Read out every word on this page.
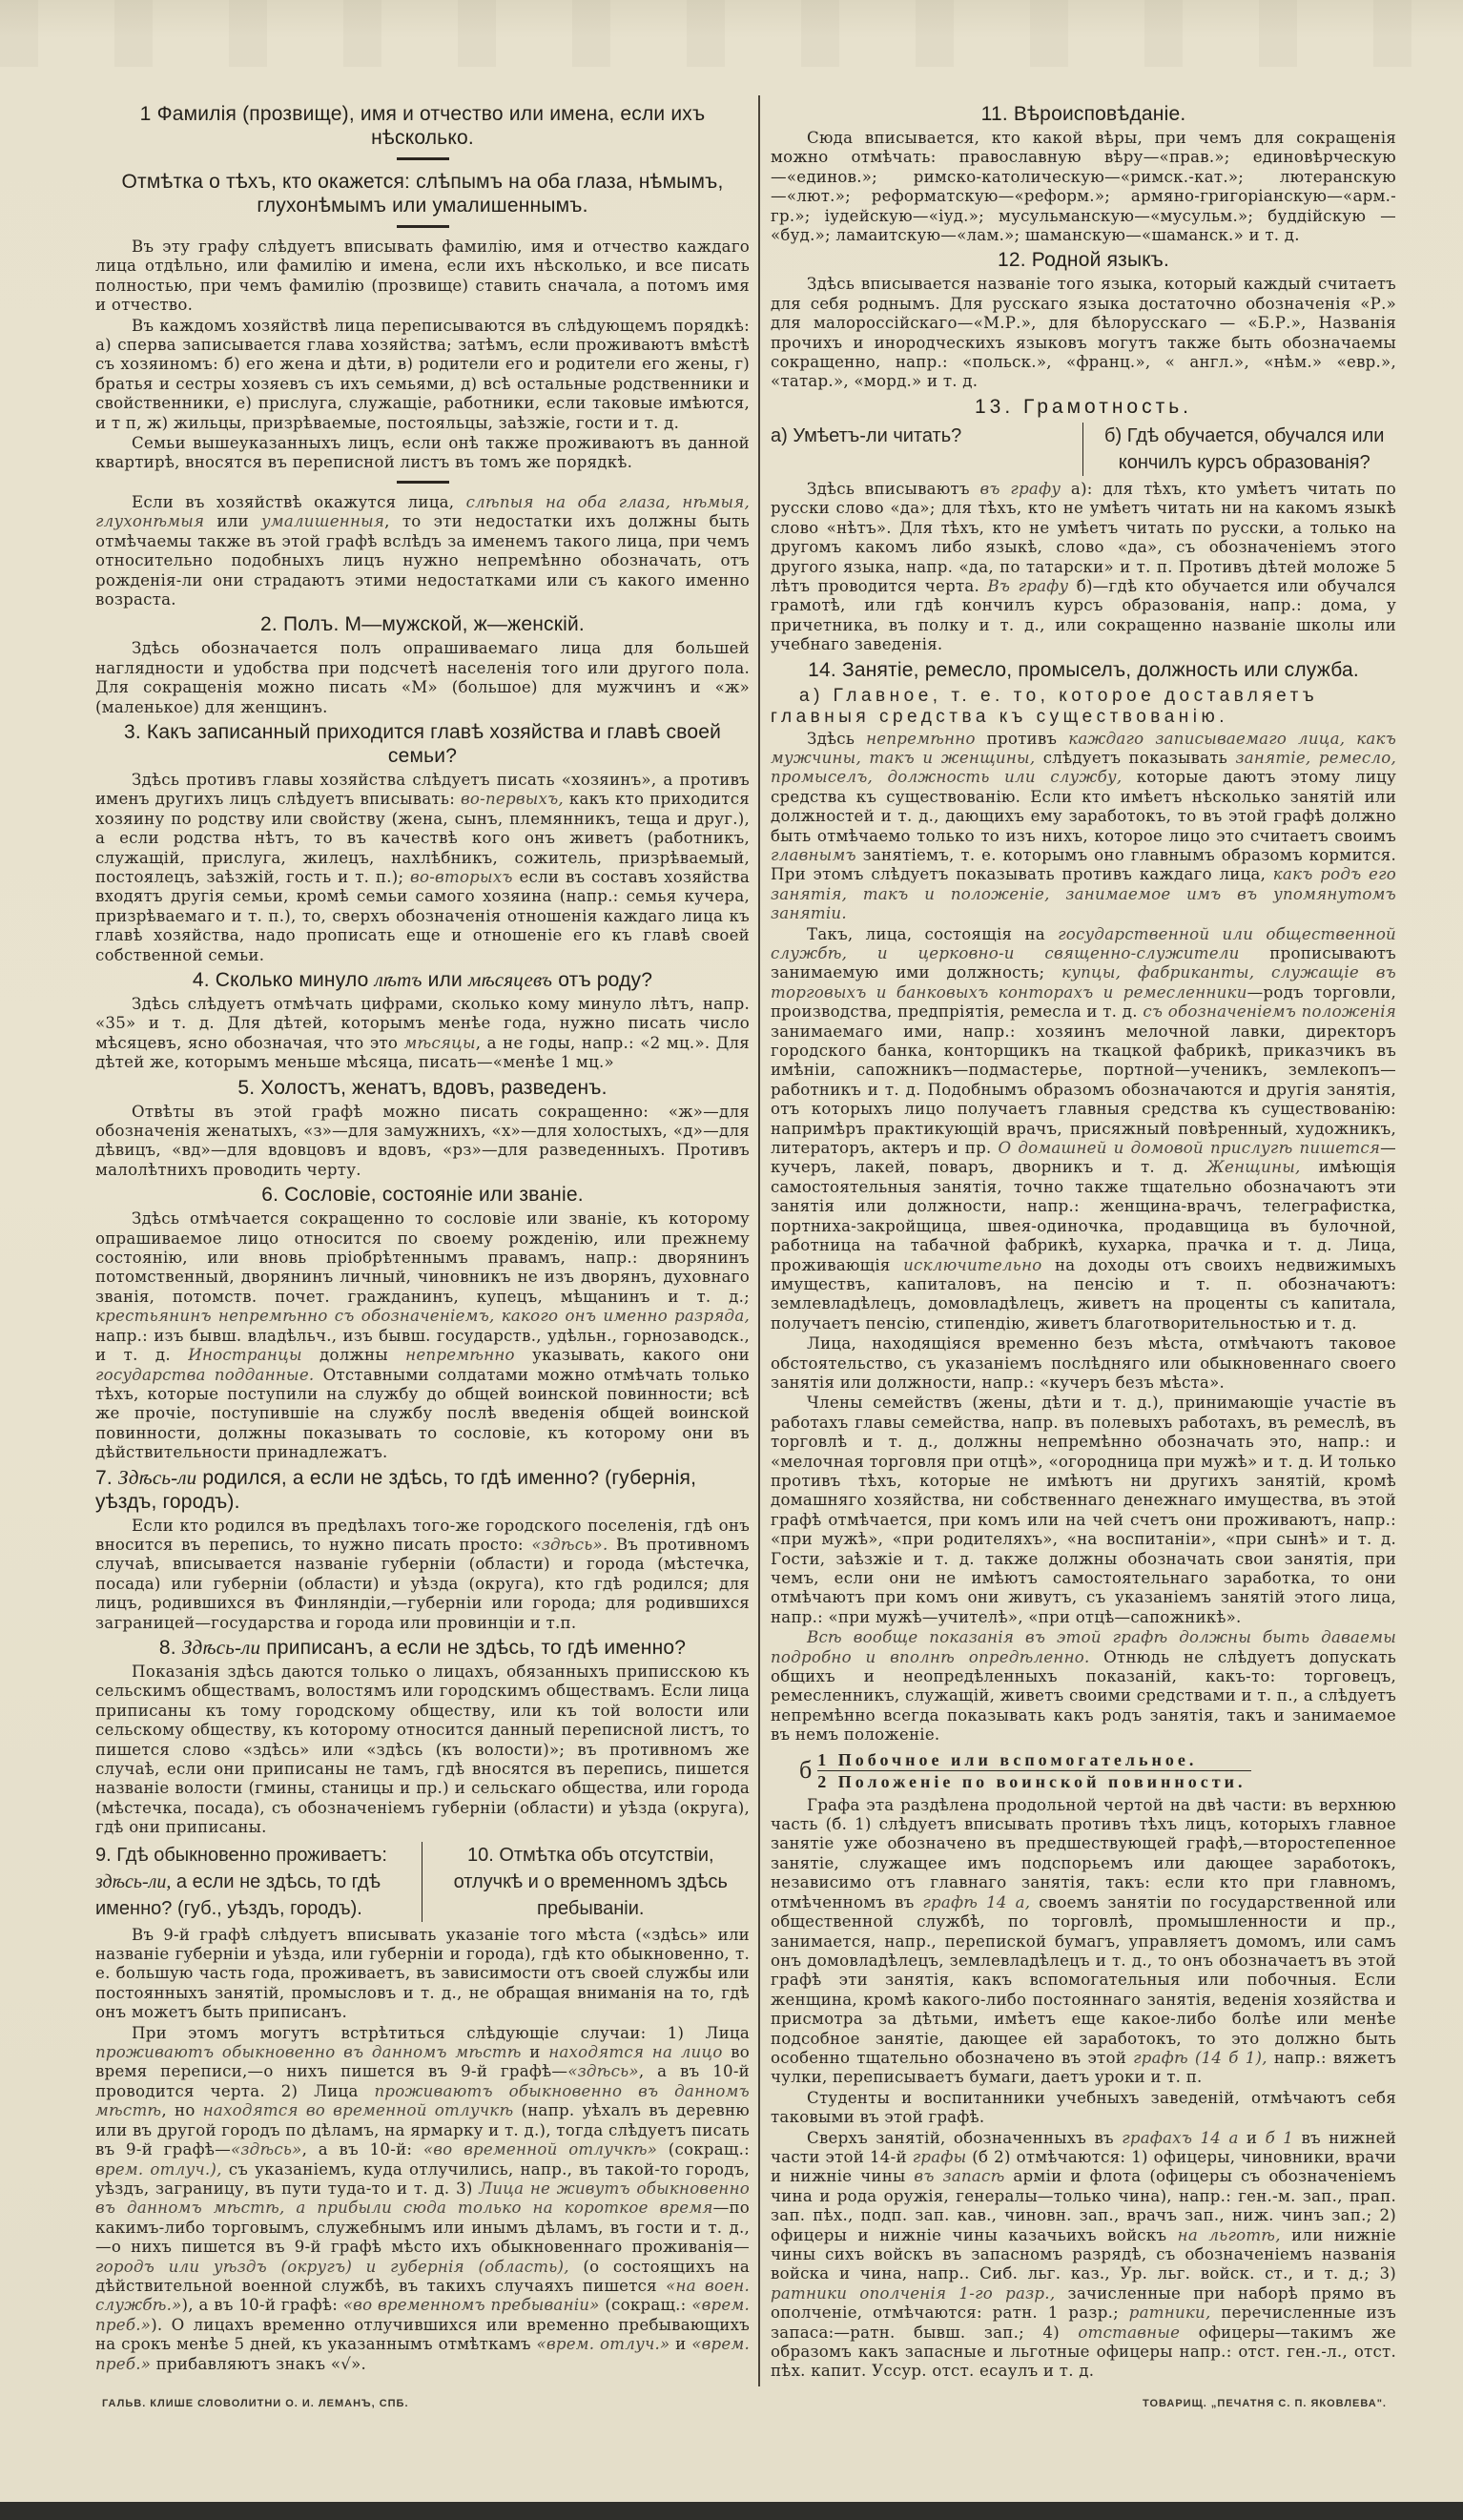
1 Фамилія (прозвище), имя и отчество или имена, если ихъ нѣсколько.
Отмѣтка о тѣхъ, кто окажется: слѣпымъ на оба глаза, нѣмымъ, глухонѣмымъ или умалишеннымъ.

Въ эту графу слѣдуетъ вписывать фамилію, имя и отчество каждаго лица отдѣльно, или фамилію и имена, если ихъ нѣсколько, и все писать полностью, при чемъ фамилію (прозвище) ставить сначала, а потомъ имя и отчество.

Въ каждомъ хозяйствѣ лица переписываются въ слѣдующемъ порядкѣ: а) сперва записывается глава хозяйства; затѣмъ, если проживаютъ вмѣстѣ съ хозяиномъ: б) его жена и дѣти, в) родители его и родители его жены, г) братья и сестры хозяевъ съ ихъ семьями, д) всѣ остальные родственники и свойственники, е) прислуга, служащіе, работники, если таковые имѣются, и т п, ж) жильцы, призрѣваемые, постояльцы, заѣзжіе, гости и т. д.

Семьи вышеуказанныхъ лицъ, если онѣ также проживаютъ въ данной квартирѣ, вносятся въ переписной листъ въ томъ же порядкѣ.

Если въ хозяйствѣ окажутся лица, слѣпыя на оба глаза, нѣмыя, глухонѣмыя или умалишенныя, то эти недостатки ихъ должны быть отмѣчаемы также въ этой графѣ вслѣдъ за именемъ такого лица, при чемъ относительно подобныхъ лицъ нужно непремѣнно обозначать, отъ рожденія-ли они страдаютъ этими недостатками или съ какого именно возраста.

2. Полъ. М—мужской, ж—женскій.

Здѣсь обозначается полъ опрашиваемаго лица для большей наглядности и удобства при подсчетѣ населенія того или другого пола. Для сокращенія можно писать «М» (большое) для мужчинъ и «ж» (маленькое) для женщинъ.

3. Какъ записанный приходится главѣ хозяйства и главѣ своей семьи?

Здѣсь противъ главы хозяйства слѣдуетъ писать «хозяинъ», а противъ именъ другихъ лицъ слѣдуетъ вписывать: во-первыхъ, какъ кто приходится хозяину по родству или свойству (жена, сынъ, племянникъ, теща и друг.), а если родства нѣтъ, то въ качествѣ кого онъ живетъ (работникъ, служащій, прислуга, жилецъ, нахлѣбникъ, сожитель, призрѣваемый, постоялецъ, заѣзжій, гость и т. п.); во-вторыхъ если въ составъ хозяйства входятъ другія семьи, кромѣ семьи самого хозяина (напр.: семья кучера, призрѣваемаго и т. п.), то, сверхъ обозначенія отношенія каждаго лица къ главѣ хозяйства, надо прописать еще и отношеніе его къ главѣ своей собственной семьи.

4. Сколько минуло лѣтъ или мѣсяцевъ отъ роду?

Здѣсь слѣдуетъ отмѣчать цифрами, сколько кому минуло лѣтъ, напр. «35» и т. д. Для дѣтей, которымъ менѣе года, нужно писать число мѣсяцевъ, ясно обозначая, что это мѣсяцы, а не годы, напр.: «2 мц.». Для дѣтей же, которымъ меньше мѣсяца, писать—«менѣе 1 мц.»

5. Холостъ, женатъ, вдовъ, разведенъ.

Отвѣты въ этой графѣ можно писать сокращенно: «ж»—для обозначенія женатыхъ, «з»—для замужнихъ, «х»—для холостыхъ, «д»—для дѣвицъ, «вд»—для вдовцовъ и вдовъ, «рз»—для разведенныхъ. Противъ малолѣтнихъ проводить черту.

6. Сословіе, состояніе или званіе.

Здѣсь отмѣчается сокращенно то сословіе или званіе, къ которому опрашиваемое лицо относится по своему рожденію, или прежнему состоянію, или вновь пріобрѣтеннымъ правамъ, напр.: дворянинъ потомственный, дворянинъ личный, чиновникъ не изъ дворянъ, духовнаго званія, потомств. почет. гражданинъ, купецъ, мѣщанинъ и т. д.; крестьянинъ непремѣнно съ обозначеніемъ, какого онъ именно разряда, напр.: изъ бывш. владѣльч., изъ бывш. государств., удѣльн., горнозаводск., и т. д. Иностранцы должны непремѣнно указывать, какого они государства подданные. Отставными солдатами можно отмѣчать только тѣхъ, которые поступили на службу до общей воинской повинности; всѣ же прочіе, поступившіе на службу послѣ введенія общей воинской повинности, должны показывать то сословіе, къ которому они въ дѣйствительности принадлежатъ.

7. Здѣсь-ли родился, а если не здѣсь, то гдѣ именно? (губернія, уѣздъ, городъ).

Если кто родился въ предѣлахъ того-же городского поселенія, гдѣ онъ вносится въ перепись, то нужно писать просто: «здѣсь». Въ противномъ случаѣ, вписывается названіе губерніи (области) и города (мѣстечка, посада) или губерніи (области) и уѣзда (округа), кто гдѣ родился; для лицъ, родившихся въ Финляндіи,—губерніи или города; для родившихся заграницей—государства и города или провинціи и т.п.

8. Здѣсь-ли приписанъ, а если не здѣсь, то гдѣ именно?

Показанія здѣсь даются только о лицахъ, обязанныхъ приписскою къ сельскимъ обществамъ, волостямъ или городскимъ обществамъ. Если лица приписаны къ тому городскому обществу, или къ той волости или сельскому обществу, къ которому относится данный переписной листъ, то пишется слово «здѣсь» или «здѣсь (къ волости)»; въ противномъ же случаѣ, если они приписаны не тамъ, гдѣ вносятся въ перепись, пишется названіе волости (гмины, станицы и пр.) и сельскаго общества, или города (мѣстечка, посада), съ обозначеніемъ губерніи (области) и уѣзда (округа), гдѣ они приписаны.

9. Гдѣ обыкновенно проживаетъ: здѣсь-ли, а если не здѣсь, то гдѣ именно? (губ., уѣздъ, городъ).
10. Отмѣтка объ отсутствіи, отлучкѣ и о временномъ здѣсь пребываніи.

Въ 9-й графѣ слѣдуетъ вписывать указаніе того мѣста («здѣсь» или названіе губерніи и уѣзда, или губерніи и города), гдѣ кто обыкновенно, т. е. большую часть года, проживаетъ, въ зависимости отъ своей службы или постоянныхъ занятій, промысловъ и т. д., не обращая вниманія на то, гдѣ онъ можетъ быть приписанъ.

При этомъ могутъ встрѣтиться слѣдующіе случаи: 1) Лица проживаютъ обыкновенно въ данномъ мѣстѣ и находятся на лицо во время переписи,—о нихъ пишется въ 9-й графѣ—«здѣсь», а въ 10-й проводится черта. 2) Лица проживаютъ обыкновенно въ данномъ мѣстѣ, но находятся во временной отлучкѣ (напр. уѣхалъ въ деревню или въ другой городъ по дѣламъ, на ярмарку и т. д.), тогда слѣдуетъ писать въ 9-й графѣ—«здѣсь», а въ 10-й: «во временной отлучкѣ» (сокращ.: врем. отлуч.), съ указаніемъ, куда отлучились, напр., въ такой-то городъ, уѣздъ, заграницу, въ пути туда-то и т. д. 3) Лица не живутъ обыкновенно въ данномъ мѣстѣ, а прибыли сюда только на короткое время—по какимъ-либо торговымъ, служебнымъ или инымъ дѣламъ, въ гости и т. д.,—о нихъ пишется въ 9-й графѣ мѣсто ихъ обыкновеннаго проживанія—городъ или уѣздъ (округъ) и губернія (область), (о состоящихъ на дѣйствительной военной службѣ, въ такихъ случаяхъ пишется «на воен. службѣ.»), а въ 10-й графѣ: «во временномъ пребываніи» (сокращ.: «врем. преб.»). О лицахъ временно отлучившихся или временно пребывающихъ на срокъ менѣе 5 дней, къ указаннымъ отмѣткамъ «врем. отлуч.» и «врем. преб.» прибавляютъ знакъ «√».

11. Вѣроисповѣданіе.

Сюда вписывается, кто какой вѣры, при чемъ для сокращенія можно отмѣчать: православную вѣру—«прав.»; единовѣрческую—«единов.»; римско-католическую—«римск.-кат.»; лютеранскую—«лют.»; реформатскую—«реформ.»; армяно-григоріанскую—«арм.-гр.»; іудейскую—«іуд.»; мусульманскую—«мусульм.»; буддійскую — «буд.»; ламаитскую—«лам.»; шаманскую—«шаманск.» и т. д.

12. Родной языкъ.

Здѣсь вписывается названіе того языка, который каждый считаетъ для себя роднымъ. Для русскаго языка достаточно обозначенія «Р.» для малороссійскаго—«М.Р.», для бѣлорусскаго — «Б.Р.», Названія прочихъ и инородческихъ языковъ могутъ также быть обозначаемы сокращенно, напр.: «польск.», «франц.», « англ.», «нѣм.» «евр.», «татар.», «морд.» и т. д.

13. Грамотность.
а) Умѣетъ-ли читать?	б) Гдѣ обучается, обучался или кончилъ курсъ образованія?

Здѣсь вписываютъ въ графу а): для тѣхъ, кто умѣетъ читать по русски слово «да»; для тѣхъ, кто не умѣетъ читать ни на какомъ языкѣ слово «нѣтъ». Для тѣхъ, кто не умѣетъ читать по русски, а только на другомъ какомъ либо языкѣ, слово «да», съ обозначеніемъ этого другого языка, напр. «да, по татарски» и т. п. Противъ дѣтей моложе 5 лѣтъ проводится черта. Въ графу б)—гдѣ кто обучается или обучался грамотѣ, или гдѣ кончилъ курсъ образованія, напр.: дома, у причетника, въ полку и т. д., или сокращенно названіе школы или учебнаго заведенія.

14. Занятіе, ремесло, промыселъ, должность или служба.
а) Главное, т. е. то, которое доставляетъ главныя средства къ существованію.

Здѣсь непремѣнно противъ каждаго записываемаго лица, какъ мужчины, такъ и женщины, слѣдуетъ показывать занятіе, ремесло, промыселъ, должность или службу, которые даютъ этому лицу средства къ существованію. Если кто имѣетъ нѣсколько занятій или должностей и т. д., дающихъ ему заработокъ, то въ этой графѣ должно быть отмѣчаемо только то изъ нихъ, которое лицо это считаетъ своимъ главнымъ занятіемъ, т. е. которымъ оно главнымъ образомъ кормится. При этомъ слѣдуетъ показывать противъ каждаго лица, какъ родъ его занятія, такъ и положеніе, занимаемое имъ въ упомянутомъ занятіи.

Такъ, лица, состоящія на государственной или общественной службѣ, и церковно-и священно-служители прописываютъ занимаемую ими должность; купцы, фабриканты, служащіе въ торговыхъ и банковыхъ конторахъ и ремесленники—родъ торговли, производства, предпріятія, ремесла и т. д. съ обозначеніемъ положенія занимаемаго ими, напр.: хозяинъ мелочной лавки, директоръ городского банка, конторщикъ на ткацкой фабрикѣ, приказчикъ въ имѣніи, сапожникъ—подмастерье, портной—ученикъ, землекопъ—работникъ и т. д. Подобнымъ образомъ обозначаются и другія занятія, отъ которыхъ лицо получаетъ главныя средства къ существованію: напримѣръ практикующій врачъ, присяжный повѣренный, художникъ, литераторъ, актеръ и пр. О домашней и домовой прислугѣ пишется—кучеръ, лакей, поваръ, дворникъ и т. д. Женщины, имѣющія самостоятельныя занятія, точно также тщательно обозначаютъ эти занятія или должности, напр.: женщина-врачъ, телеграфистка, портниха-закройщица, швея-одиночка, продавщица въ булочной, работница на табачной фабрикѣ, кухарка, прачка и т. д. Лица, проживающія исключительно на доходы отъ своихъ недвижимыхъ имуществъ, капиталовъ, на пенсію и т. п. обозначаютъ: землевладѣлецъ, домовладѣлецъ, живетъ на проценты съ капитала, получаетъ пенсію, стипендію, живетъ благотворительностью и т. д.

Лица, находящіяся временно безъ мѣста, отмѣчаютъ таковое обстоятельство, съ указаніемъ послѣдняго или обыкновеннаго своего занятія или должности, напр.: «кучеръ безъ мѣста».

Члены семействъ (жены, дѣти и т. д.), принимающіе участіе въ работахъ главы семейства, напр. въ полевыхъ работахъ, въ ремеслѣ, въ торговлѣ и т. д., должны непремѣнно обозначать это, напр.: и «мелочная торговля при отцѣ», «огородница при мужѣ» и т. д. И только противъ тѣхъ, которые не имѣютъ ни другихъ занятій, кромѣ домашняго хозяйства, ни собственнаго денежнаго имущества, въ этой графѣ отмѣчается, при комъ или на чей счетъ они проживаютъ, напр.: «при мужѣ», «при родителяхъ», «на воспитаніи», «при сынѣ» и т. д. Гости, заѣзжіе и т. д. также должны обозначать свои занятія, при чемъ, если они не имѣютъ самостоятельнаго заработка, то они отмѣчаютъ при комъ они живутъ, съ указаніемъ занятій этого лица, напр.: «при мужѣ—учителѣ», «при отцѣ—сапожникѣ».

Всѣ вообще показанія въ этой графѣ должны быть даваемы подробно и вполнѣ опредѣленно. Отнюдь не слѣдуетъ допускать общихъ и неопредѣленныхъ показаній, какъ-то: торговецъ, ремесленникъ, служащій, живетъ своими средствами и т. п., а слѣдуетъ непремѣнно всегда показывать какъ родъ занятія, такъ и занимаемое въ немъ положеніе.

б 1 Побочное или вспомогательное.
2 Положеніе по воинской повинности.

Графа эта раздѣлена продольной чертой на двѣ части: въ верхнюю часть (б. 1) слѣдуетъ вписывать противъ тѣхъ лицъ, которыхъ главное занятіе уже обозначено въ предшествующей графѣ,—второстепенное занятіе, служащее имъ подспорьемъ или дающее заработокъ, независимо отъ главнаго занятія, такъ: если кто при главномъ, отмѣченномъ въ графѣ 14 а, своемъ занятіи по государственной или общественной службѣ, по торговлѣ, промышленности и пр., занимается, напр., перепиской бумагъ, управляетъ домомъ, или самъ онъ домовладѣлецъ, землевладѣлецъ и т. д., то онъ обозначаетъ въ этой графѣ эти занятія, какъ вспомогательныя или побочныя. Если женщина, кромѣ какого-либо постояннаго занятія, веденія хозяйства и присмотра за дѣтьми, имѣетъ еще какое-либо болѣе или менѣе подсобное занятіе, дающее ей заработокъ, то это должно быть особенно тщательно обозначено въ этой графѣ (14 б 1), напр.: вяжетъ чулки, переписываетъ бумаги, даетъ уроки и т. п.

Студенты и воспитанники учебныхъ заведеній, отмѣчаютъ себя таковыми въ этой графѣ.

Сверхъ занятій, обозначенныхъ въ графахъ 14 а и б 1 въ нижней части этой 14-й графы (б 2) отмѣчаются: 1) офицеры, чиновники, врачи и нижніе чины въ запасѣ арміи и флота (офицеры съ обозначеніемъ чина и рода оружія, генералы—только чина), напр.: ген.-м. зап., прап. зап. пѣх., подп. зап. кав., чиновн. зап., врачъ зап., ниж. чинъ зап.; 2) офицеры и нижніе чины казачьихъ войскъ на льготѣ, или нижніе чины сихъ войскъ въ запасномъ разрядѣ, съ обозначеніемъ названія войска и чина, напр.. Сиб. льг. каз., Ур. льг. войск. ст., и т. д.; 3) ратники ополченія 1-го разр., зачисленные при наборѣ прямо въ ополченіе, отмѣчаются: ратн. 1 разр.; ратники, перечисленные изъ запаса:—ратн. бывш. зап.; 4) отставные офицеры—такимъ же образомъ какъ запасные и льготные офицеры напр.: отст. ген.-л., отст. пѣх. капит. Уссур. отст. есаулъ и т. д.

ГАЛЬВ. КЛИШЕ СЛОВОЛИТНИ О. И. ЛЕМАНЪ, СПБ.	ТОВАРИЩ. „ПЕЧАТНЯ С. П. ЯКОВЛЕВА".
